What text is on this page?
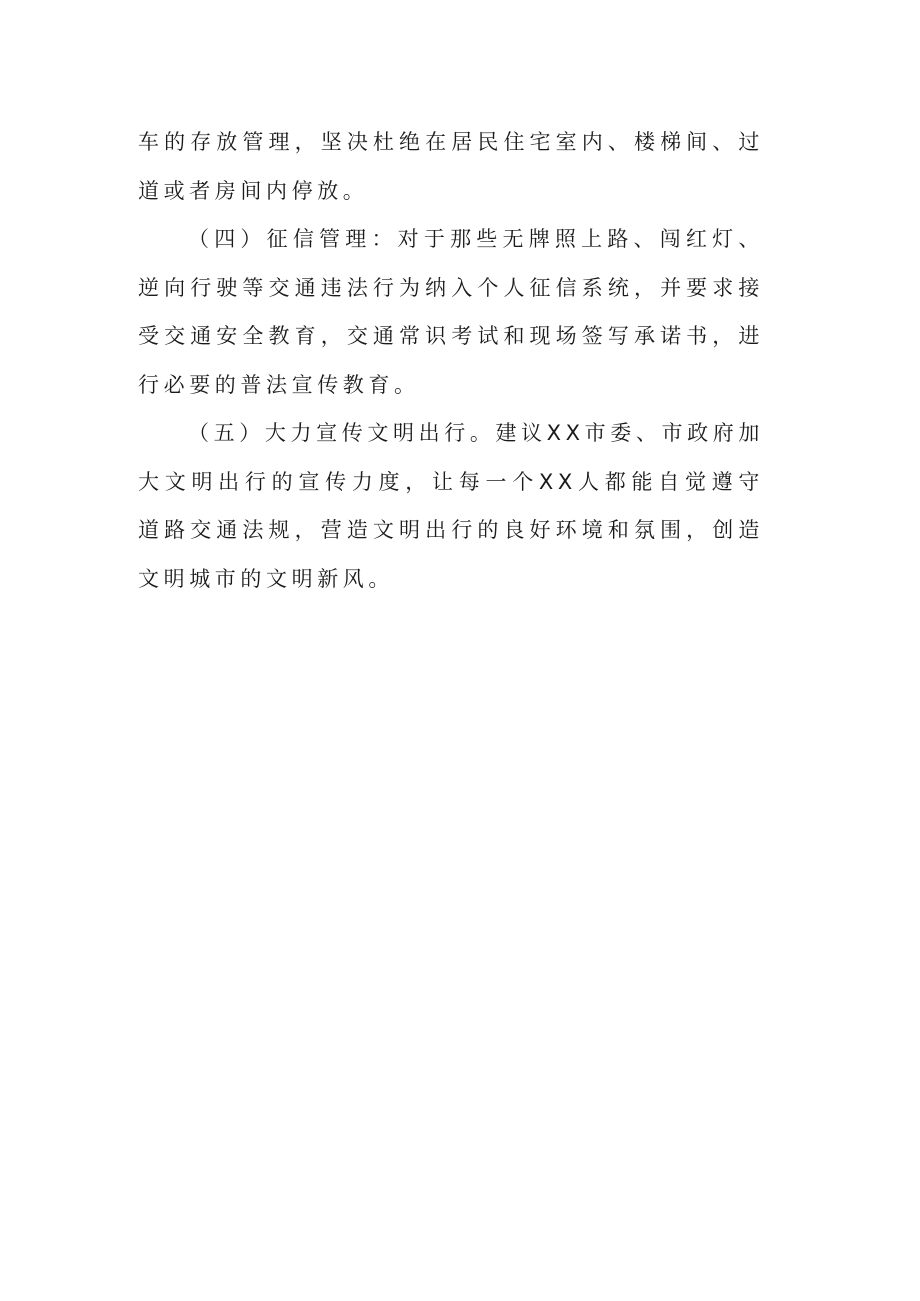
车的存放管理，坚决杜绝在居民住宅室内、楼梯间、过道或者房间内停放。

（四）征信管理：对于那些无牌照上路、闯红灯、逆向行驶等交通违法行为纳入个人征信系统，并要求接受交通安全教育，交通常识考试和现场签写承诺书，进行必要的普法宣传教育。

（五）大力宣传文明出行。建议XX市委、市政府加大文明出行的宣传力度，让每一个XX人都能自觉遵守道路交通法规，营造文明出行的良好环境和氛围，创造文明城市的文明新风。
